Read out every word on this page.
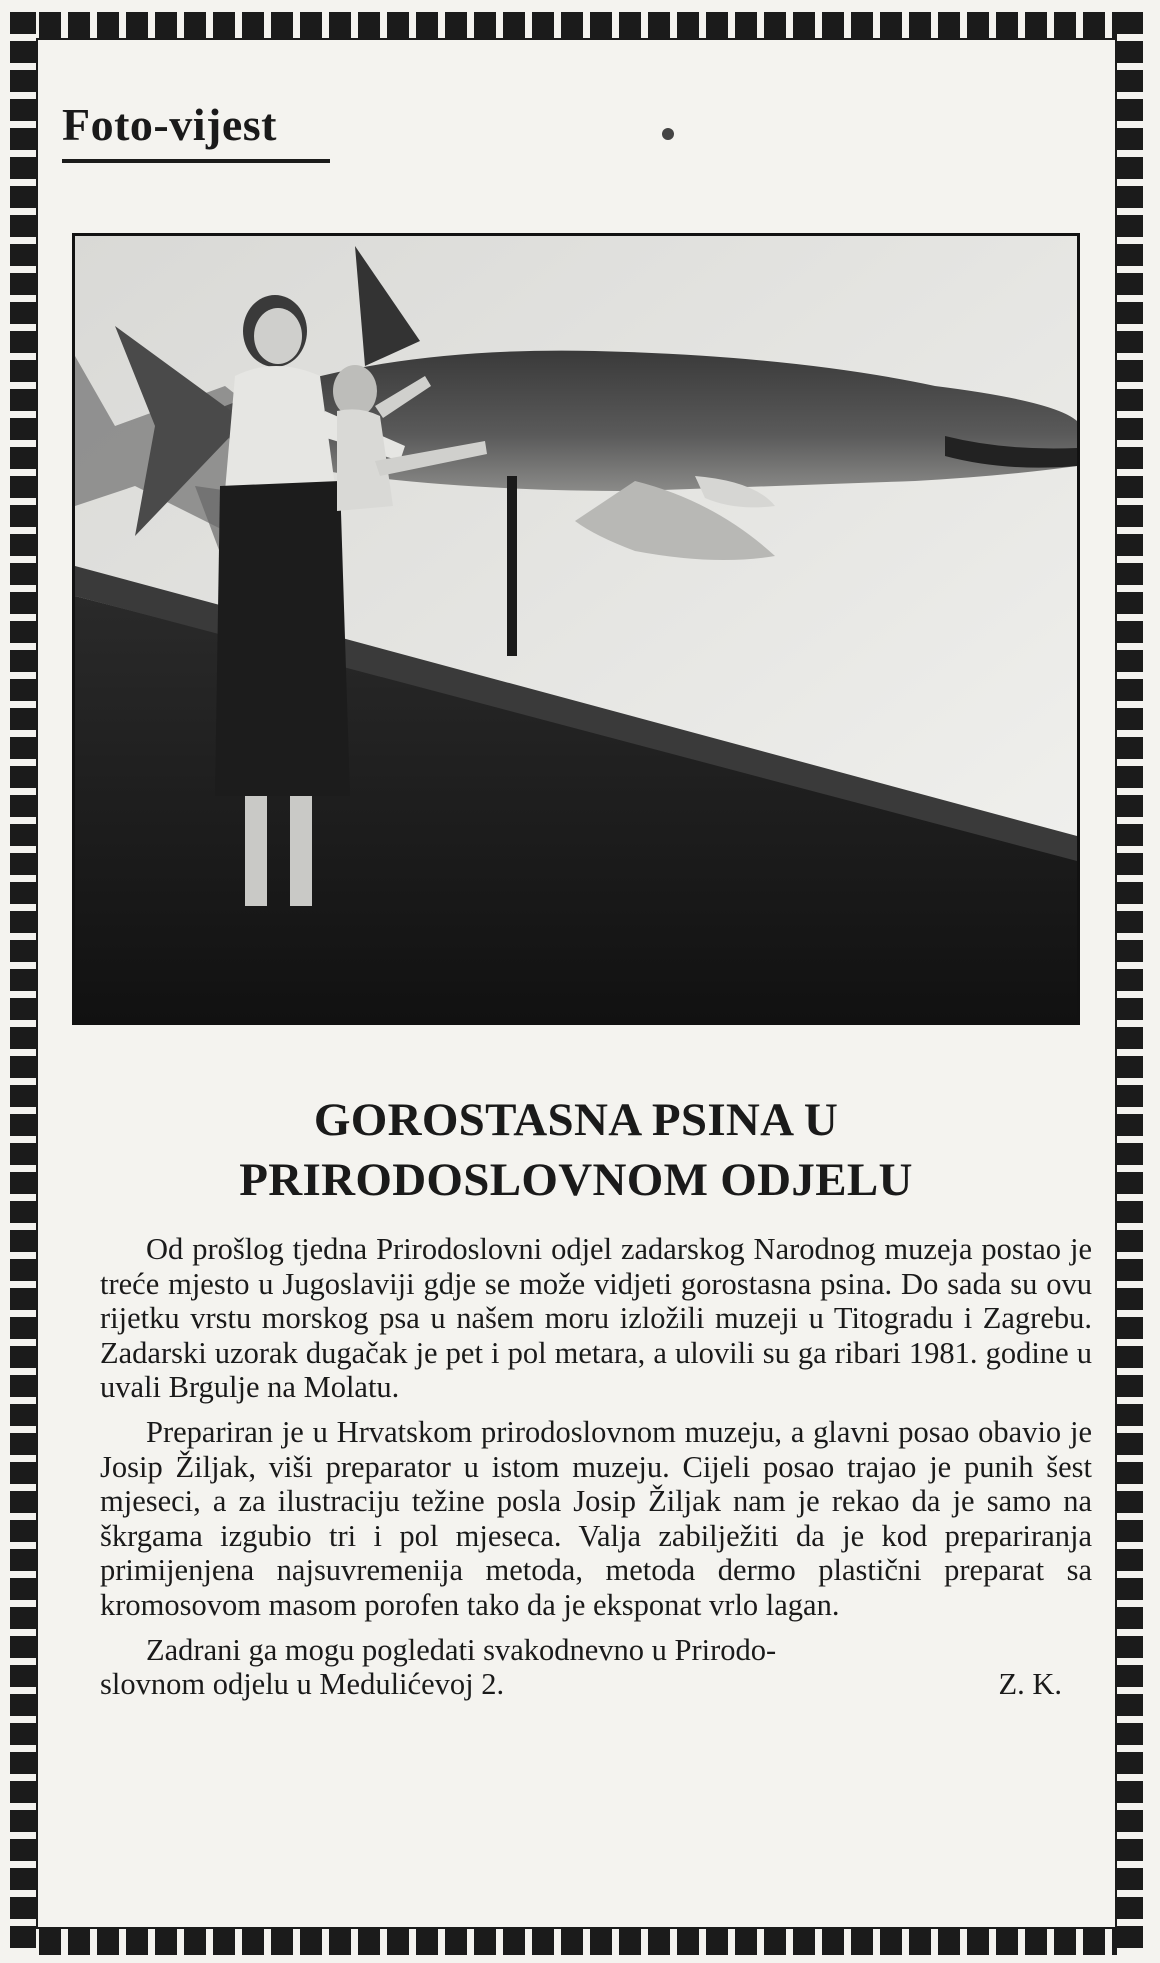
Foto-vijest
GOROSTASNA PSINA U
PRIRODOSLOVNOM ODJELU

Od prošlog tjedna Prirodoslovni odjel zadarskog Narodnog muzeja postao je treće mjesto u Jugoslaviji gdje se može vidjeti gorostasna psina. Do sada su ovu rijetku vrstu morskog psa u našem moru izložili muzeji u Titogradu i Zagrebu. Zadarski uzorak dugačak je pet i pol metara, a ulovili su ga ribari 1981. godine u uvali Brgulje na Molatu.

Prepariran je u Hrvatskom prirodoslovnom muzeju, a glavni posao obavio je Josip Žiljak, viši preparator u istom muzeju. Cijeli posao trajao je punih šest mjeseci, a za ilustraciju težine posla Josip Žiljak nam je rekao da je samo na škrgama izgubio tri i pol mjeseca. Valja zabilježiti da je kod prepariranja primijenjena najsuvremenija metoda, metoda dermo plastični preparat sa kromosovom masom porofen tako da je eksponat vrlo lagan.

Zadrani ga mogu pogledati svakodnevno u Prirodo-

slovnom odjelu u Medulićevoj 2.	Z. K.
